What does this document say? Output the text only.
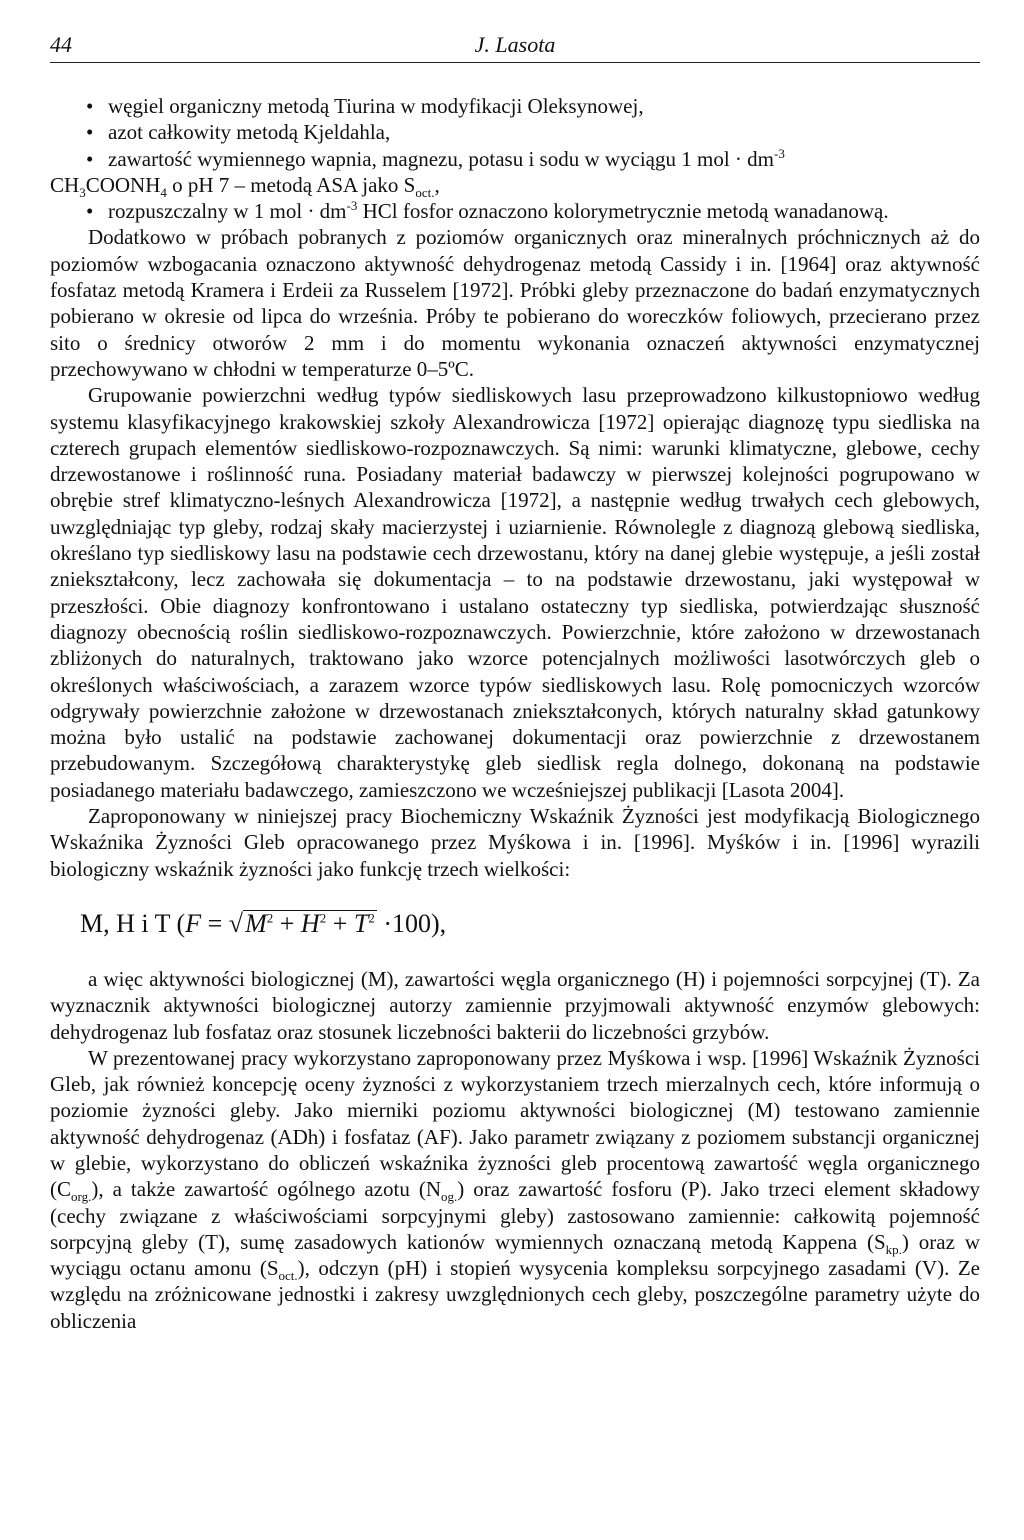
44	J. Lasota

• węgiel organiczny metodą Tiurina w modyfikacji Oleksynowej,

• azot całkowity metodą Kjeldahla,

• zawartość wymiennego wapnia, magnezu, potasu i sodu w wyciągu 1 mol · $dm^{-3}$

$CH_3COONH_4$ o pH 7 – metodą ASA jako $S_{oct.}$,

• rozpuszczalny w 1 mol · $dm^{-3}$ HCl fosfor oznaczono kolorymetrycznie metodą wanadanową.

Dodatkowo w próbach pobranych z poziomów organicznych oraz mineralnych próchnicznych aż do poziomów wzbogacania oznaczono aktywność dehydrogenaz metodą Cassidy i in. [1964] oraz aktywność fosfataz metodą Kramera i Erdeii za Russelem [1972]. Próbki gleby przeznaczone do badań enzymatycznych pobierano w okresie od lipca do września. Próby te pobierano do woreczków foliowych, przecierano przez sito o średnicy otworów 2 mm i do momentu wykonania oznaczeń aktywności enzymatycznej przechowywano w chłodni w temperaturze 0–5ºC.

Grupowanie powierzchni według typów siedliskowych lasu przeprowadzono kilkustopniowo według systemu klasyfikacyjnego krakowskiej szkoły Alexandrowicza [1972] opierając diagnozę typu siedliska na czterech grupach elementów siedliskowo-rozpoznawczych. Są nimi: warunki klimatyczne, glebowe, cechy drzewostanowe i roślinność runa. Posiadany materiał badawczy w pierwszej kolejności pogrupowano w obrębie stref klimatyczno-leśnych Alexandrowicza [1972], a następnie według trwałych cech glebowych, uwzględniając typ gleby, rodzaj skały macierzystej i uziarnienie. Równolegle z diagnozą glebową siedliska, określano typ siedliskowy lasu na podstawie cech drzewostanu, który na danej glebie występuje, a jeśli został zniekształcony, lecz zachowała się dokumentacja – to na podstawie drzewostanu, jaki występował w przeszłości. Obie diagnozy konfrontowano i ustalano ostateczny typ siedliska, potwierdzając słuszność diagnozy obecnością roślin siedliskowo-rozpoznawczych. Powierzchnie, które założono w drzewostanach zbliżonych do naturalnych, traktowano jako wzorce potencjalnych możliwości lasotwórczych gleb o określonych właściwościach, a zarazem wzorce typów siedliskowych lasu. Rolę pomocniczych wzorców odgrywały powierzchnie założone w drzewostanach zniekształconych, których naturalny skład gatunkowy można było ustalić na podstawie zachowanej dokumentacji oraz powierzchnie z drzewostanem przebudowanym. Szczegółową charakterystykę gleb siedlisk regla dolnego, dokonaną na podstawie posiadanego materiału badawczego, zamieszczono we wcześniejszej publikacji [Lasota 2004].

Zaproponowany w niniejszej pracy Biochemiczny Wskaźnik Żyzności jest modyfikacją Biologicznego Wskaźnika Żyzności Gleb opracowanego przez Myśkowa i in. [1996]. Myśków i in. [1996] wyrazili biologiczny wskaźnik żyzności jako funkcję trzech wielkości:

M, H i T $(F = √M^2 + H^2 + T^2 \cdot 100)$,

a więc aktywności biologicznej (M), zawartości węgla organicznego (H) i pojemności sorpcyjnej (T). Za wyznacznik aktywności biologicznej autorzy zamiennie przyjmowali aktywność enzymów glebowych: dehydrogenaz lub fosfataz oraz stosunek liczebności bakterii do liczebności grzybów.

W prezentowanej pracy wykorzystano zaproponowany przez Myśkowa i wsp. [1996] Wskaźnik Żyzności Gleb, jak również koncepcję oceny żyzności z wykorzystaniem trzech mierzalnych cech, które informują o poziomie żyzności gleby. Jako mierniki poziomu aktywności biologicznej (M) testowano zamiennie aktywność dehydrogenaz (ADh) i fosfataz (AF). Jako parametr związany z poziomem substancji organicznej w glebie, wykorzystano do obliczeń wskaźnika żyzności gleb procentową zawartość węgla organicznego $(C_{org.})$, a także zawartość ogólnego azotu $(N_{og.})$ oraz zawartość fosforu (P). Jako trzeci element składowy (cechy związane z właściwościami sorpcyjnymi gleby) zastosowano zamiennie: całkowitą pojemność sorpcyjną gleby (T), sumę zasadowych kationów wymiennych oznaczaną metodą Kappena $(S_{kp.})$ oraz w wyciągu octanu amonu $(S_{oct.})$, odczyn (pH) i stopień wysycenia kompleksu sorpcyjnego zasadami (V). Ze względu na zróżnicowane jednostki i zakresy uwzględnionych cech gleby, poszczególne parametry użyte do obliczenia
